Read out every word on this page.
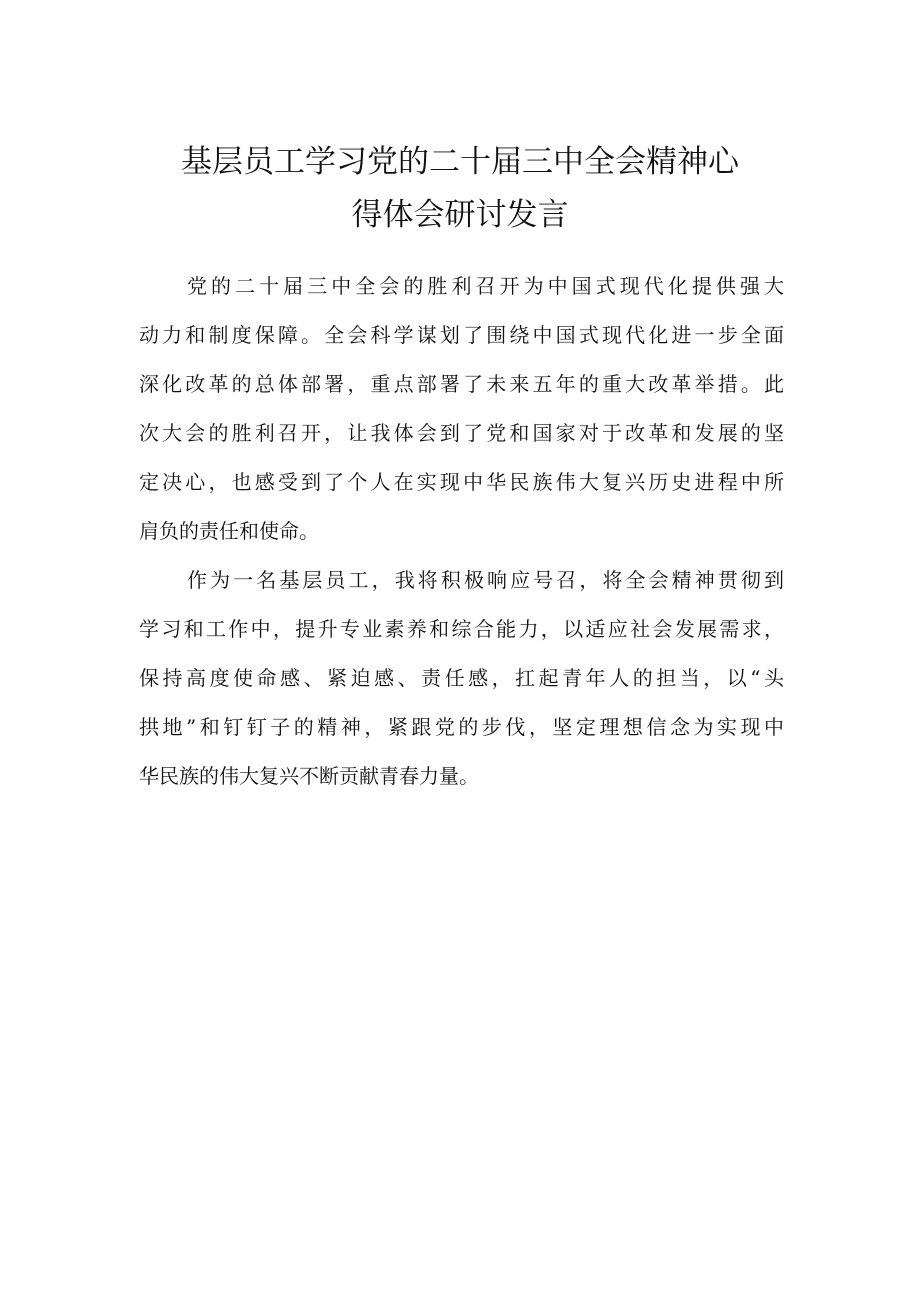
基层员工学习党的二十届三中全会精神心
得体会研讨发言
党的二十届三中全会的胜利召开为中国式现代化提供强大
动力和制度保障。全会科学谋划了围绕中国式现代化进一步全面
深化改革的总体部署，重点部署了未来五年的重大改革举措。此
次大会的胜利召开，让我体会到了党和国家对于改革和发展的坚
定决心，也感受到了个人在实现中华民族伟大复兴历史进程中所
肩负的责任和使命。
作为一名基层员工，我将积极响应号召，将全会精神贯彻到
学习和工作中，提升专业素养和综合能力，以适应社会发展需求，
保持高度使命感、紧迫感、责任感，扛起青年人的担当，以“头
拱地”和钉钉子的精神，紧跟党的步伐，坚定理想信念为实现中
华民族的伟大复兴不断贡献青春力量。
